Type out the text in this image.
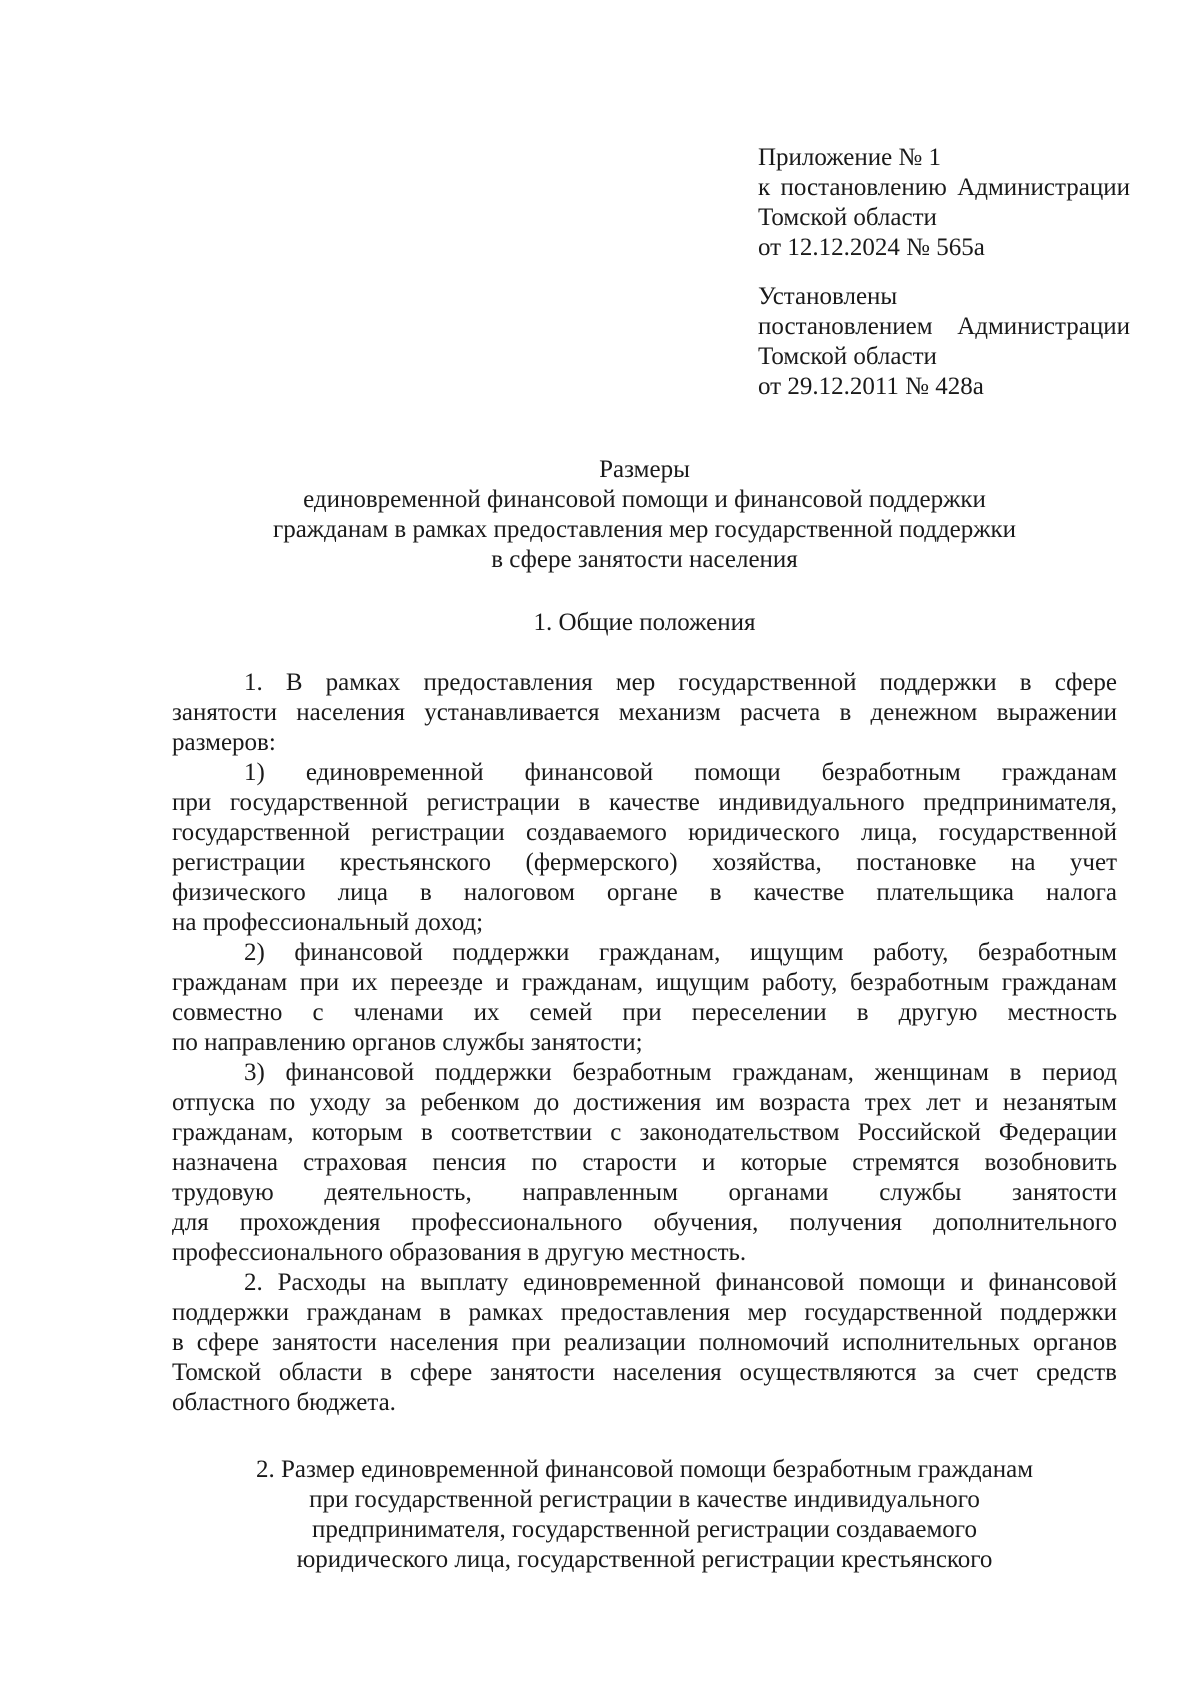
Приложение № 1
к постановлению Администрации
Томской области
от 12.12.2024 № 565а
Установлены
постановлением Администрации
Томской области
от 29.12.2011 № 428а
Размеры
единовременной финансовой помощи и финансовой поддержки
гражданам в рамках предоставления мер государственной поддержки
в сфере занятости населения
1. Общие положения
1. В рамках предоставления мер государственной поддержки в сфере
занятости населения устанавливается механизм расчета в денежном выражении
размеров:
1) единовременной финансовой помощи безработным гражданам
при государственной регистрации в качестве индивидуального предпринимателя,
государственной регистрации создаваемого юридического лица, государственной
регистрации крестьянского (фермерского) хозяйства, постановке на учет
физического лица в налоговом органе в качестве плательщика налога
на профессиональный доход;
2) финансовой поддержки гражданам, ищущим работу, безработным
гражданам при их переезде и гражданам, ищущим работу, безработным гражданам
совместно с членами их семей при переселении в другую местность
по направлению органов службы занятости;
3) финансовой поддержки безработным гражданам, женщинам в период
отпуска по уходу за ребенком до достижения им возраста трех лет и незанятым
гражданам, которым в соответствии с законодательством Российской Федерации
назначена страховая пенсия по старости и которые стремятся возобновить
трудовую деятельность, направленным органами службы занятости
для прохождения профессионального обучения, получения дополнительного
профессионального образования в другую местность.
2. Расходы на выплату единовременной финансовой помощи и финансовой
поддержки гражданам в рамках предоставления мер государственной поддержки
в сфере занятости населения при реализации полномочий исполнительных органов
Томской области в сфере занятости населения осуществляются за счет средств
областного бюджета.
2. Размер единовременной финансовой помощи безработным гражданам
при государственной регистрации в качестве индивидуального
предпринимателя, государственной регистрации создаваемого
юридического лица, государственной регистрации крестьянского
